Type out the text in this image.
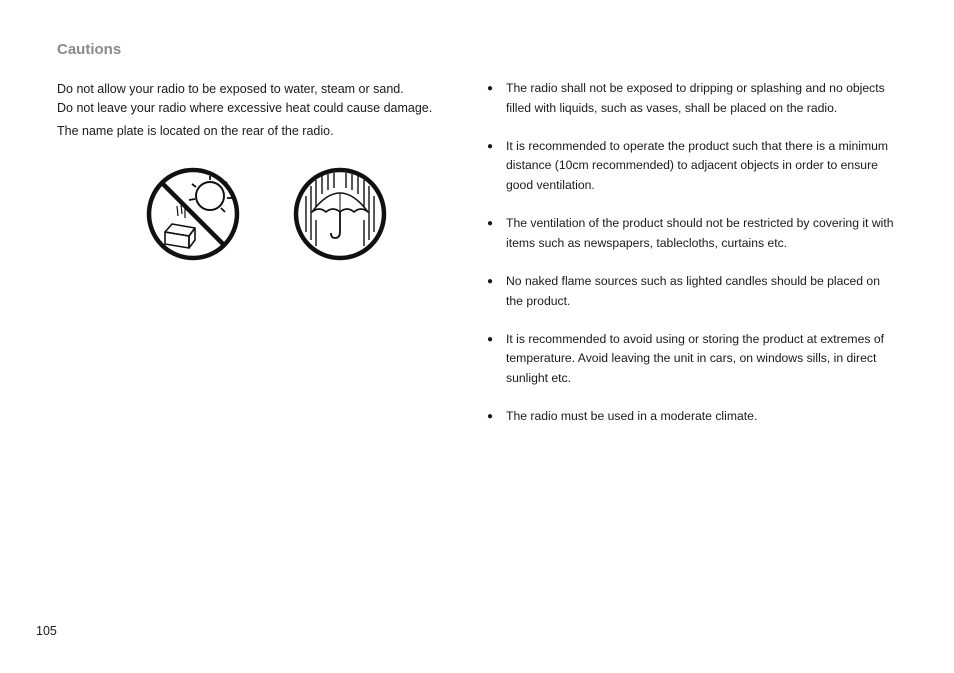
Cautions

Do not allow your radio to be exposed to water, steam or sand.

Do not leave your radio where excessive heat could cause damage.

The name plate is located on the rear of the radio.

● The radio shall not be exposed to dripping or splashing and no objects filled with liquids, such as vases, shall be placed on the radio.
● It is recommended to operate the product such that there is a minimum distance (10cm recommended) to adjacent objects in order to ensure good ventilation.
● The ventilation of the product should not be restricted by covering it with items such as newspapers, tablecloths, curtains etc.
● No naked flame sources such as lighted candles should be placed on the product.
● It is recommended to avoid using or storing the product at extremes of temperature. Avoid leaving the unit in cars, on windows sills, in direct sunlight etc.
● The radio must be used in a moderate climate.
105
